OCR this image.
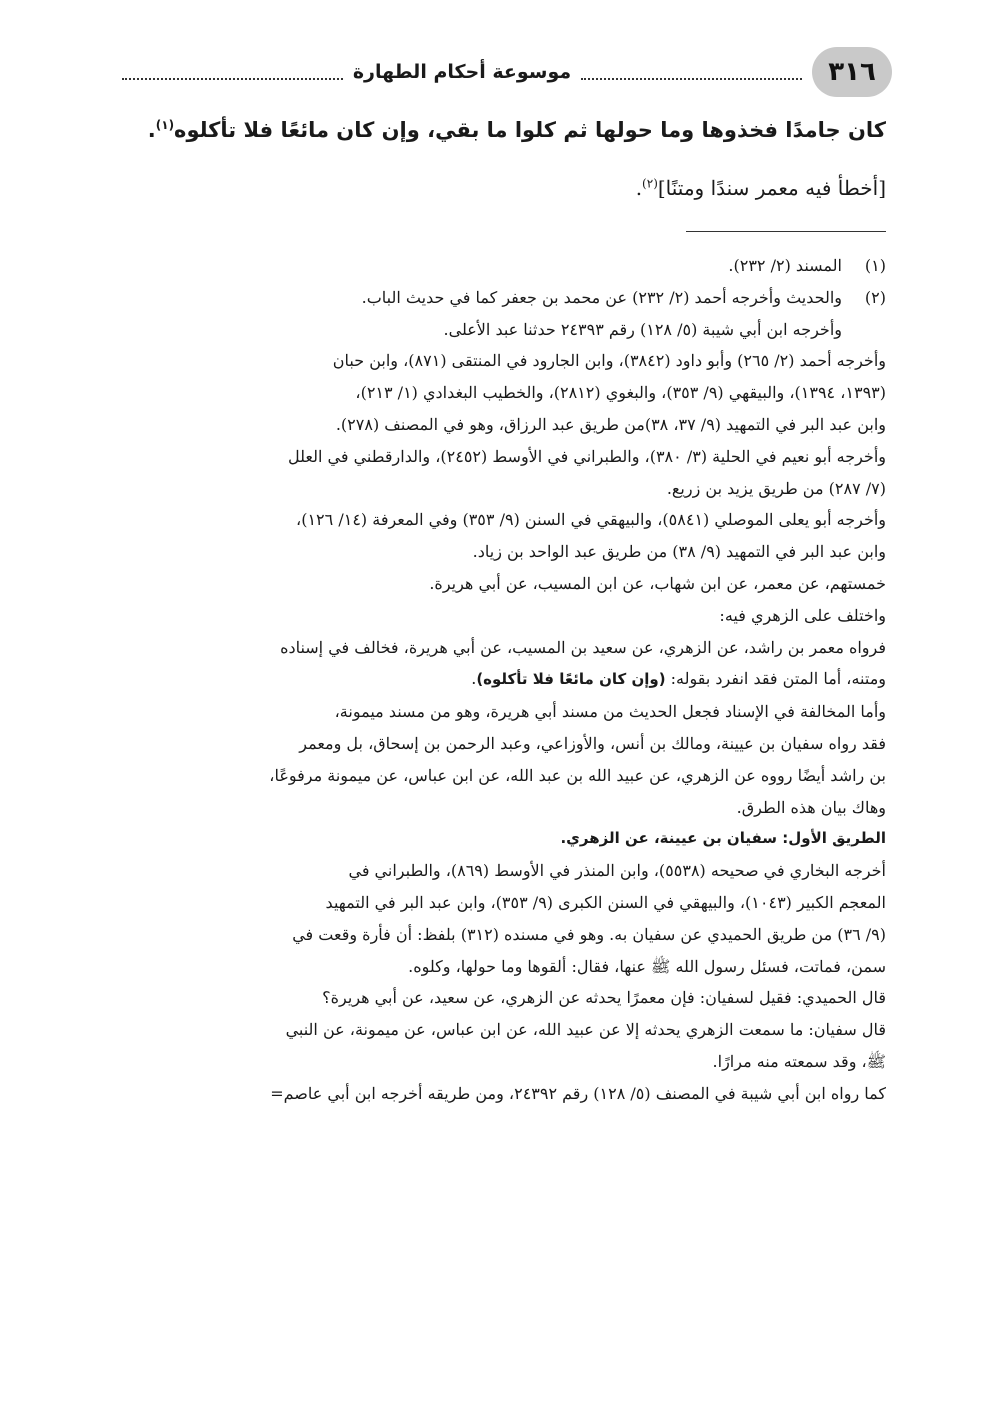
٣١٦
موسوعة أحكام الطهارة

كان جامدًا فخذوها وما حولها ثم كلوا ما بقي، وإن كان مائعًا فلا تأكلوه$^{(١)}$.

[أخطأ فيه معمر سندًا ومتنًا]$^{(٢)}$.

(١)
المسند (٢/ ٢٣٢).
(٢)
والحديث وأخرجه أحمد (٢/ ٢٣٢) عن محمد بن جعفر كما في حديث الباب.
وأخرجه ابن أبي شيبة (٥/ ١٢٨) رقم ٢٤٣٩٣ حدثنا عبد الأعلى.
وأخرجه أحمد (٢/ ٢٦٥) وأبو داود (٣٨٤٢)، وابن الجارود في المنتقى (٨٧١)، وابن حبان
(١٣٩٣، ١٣٩٤)، والبيقهي (٩/ ٣٥٣)، والبغوي (٢٨١٢)، والخطيب البغدادي (١/ ٢١٣)،
وابن عبد البر في التمهيد (٩/ ٣٧، ٣٨)من طريق عبد الرزاق، وهو في المصنف (٢٧٨).
وأخرجه أبو نعيم في الحلية (٣/ ٣٨٠)، والطبراني في الأوسط (٢٤٥٢)، والدارقطني في العلل
(٧/ ٢٨٧) من طريق يزيد بن زريع.
وأخرجه أبو يعلى الموصلي (٥٨٤١)، والبيهقي في السنن (٩/ ٣٥٣) وفي المعرفة (١٤/ ١٢٦)،
وابن عبد البر في التمهيد (٩/ ٣٨) من طريق عبد الواحد بن زياد.
خمستهم، عن معمر، عن ابن شهاب، عن ابن المسيب، عن أبي هريرة.
واختلف على الزهري فيه:
فرواه معمر بن راشد، عن الزهري، عن سعيد بن المسيب، عن أبي هريرة، فخالف في إسناده
ومتنه، أما المتن فقد انفرد بقوله: (وإن كان مائعًا فلا تأكلوه).
وأما المخالفة في الإسناد فجعل الحديث من مسند أبي هريرة، وهو من مسند ميمونة،
فقد رواه سفيان بن عيينة، ومالك بن أنس، والأوزاعي، وعبد الرحمن بن إسحاق، بل ومعمر
بن راشد أيضًا رووه عن الزهري، عن عبيد الله بن عبد الله، عن ابن عباس، عن ميمونة مرفوعًا،
وهاك بيان هذه الطرق.
الطريق الأول: سفيان بن عيينة، عن الزهري.
أخرجه البخاري في صحيحه (٥٥٣٨)، وابن المنذر في الأوسط (٨٦٩)، والطبراني في
المعجم الكبير (١٠٤٣)، والبيهقي في السنن الكبرى (٩/ ٣٥٣)، وابن عبد البر في التمهيد
(٩/ ٣٦) من طريق الحميدي عن سفيان به. وهو في مسنده (٣١٢) بلفظ: أن فأرة وقعت في
سمن، فماتت، فسئل رسول الله ﷺ عنها، فقال: ألقوها وما حولها، وكلوه.
قال الحميدي: فقيل لسفيان: فإن معمرًا يحدثه عن الزهري، عن سعيد، عن أبي هريرة؟
قال سفيان: ما سمعت الزهري يحدثه إلا عن عبيد الله، عن ابن عباس، عن ميمونة، عن النبي
ﷺ، وقد سمعته منه مرارًا.
كما رواه ابن أبي شيبة في المصنف (٥/ ١٢٨) رقم ٢٤٣٩٢، ومن طريقه أخرجه ابن أبي عاصم=
